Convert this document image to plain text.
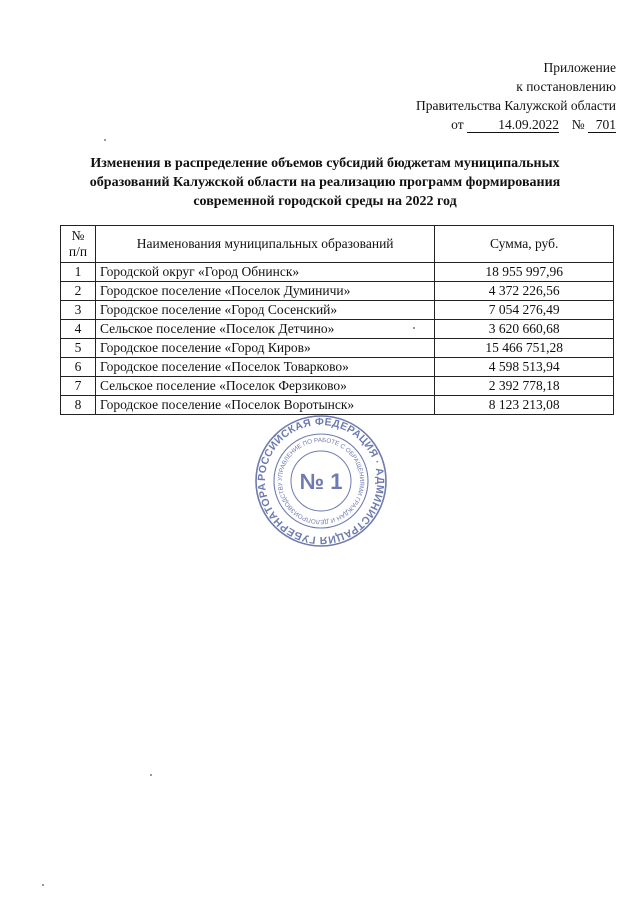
Приложение
к постановлению
Правительства Калужской области
от	14.09.2022 № 701
Изменения в распределение объемов субсидий бюджетам муниципальных
образований Калужской области на реализацию программ формирования
современной городской среды на 2022 год
№ п/п	Наименования муниципальных образований	Сумма, руб.
1	Городской округ «Город Обнинск»	18 955 997,96
2	Городское поселение «Поселок Думиничи»	4 372 226,56
3	Городское поселение «Город Сосенский»	7 054 276,49
4	Сельское поселение «Поселок Детчино»	3 620 660,68
5	Городское поселение «Город Киров»	15 466 751,28
6	Городское поселение «Поселок Товарково»	4 598 513,94
7	Сельское поселение «Поселок Ферзиково»	2 392 778,18
8	Городское поселение «Поселок Воротынск»	8 123 213,08
РОССИЙСКАЯ ФЕДЕРАЦИЯ · АДМИНИСТРАЦИЯ ГУБЕРНАТОРА
УПРАВЛЕНИЕ ПО РАБОТЕ С ОБРАЩЕНИЯМИ ГРАЖДАН И ДЕЛОПРОИЗВОДСТВУ № 1
